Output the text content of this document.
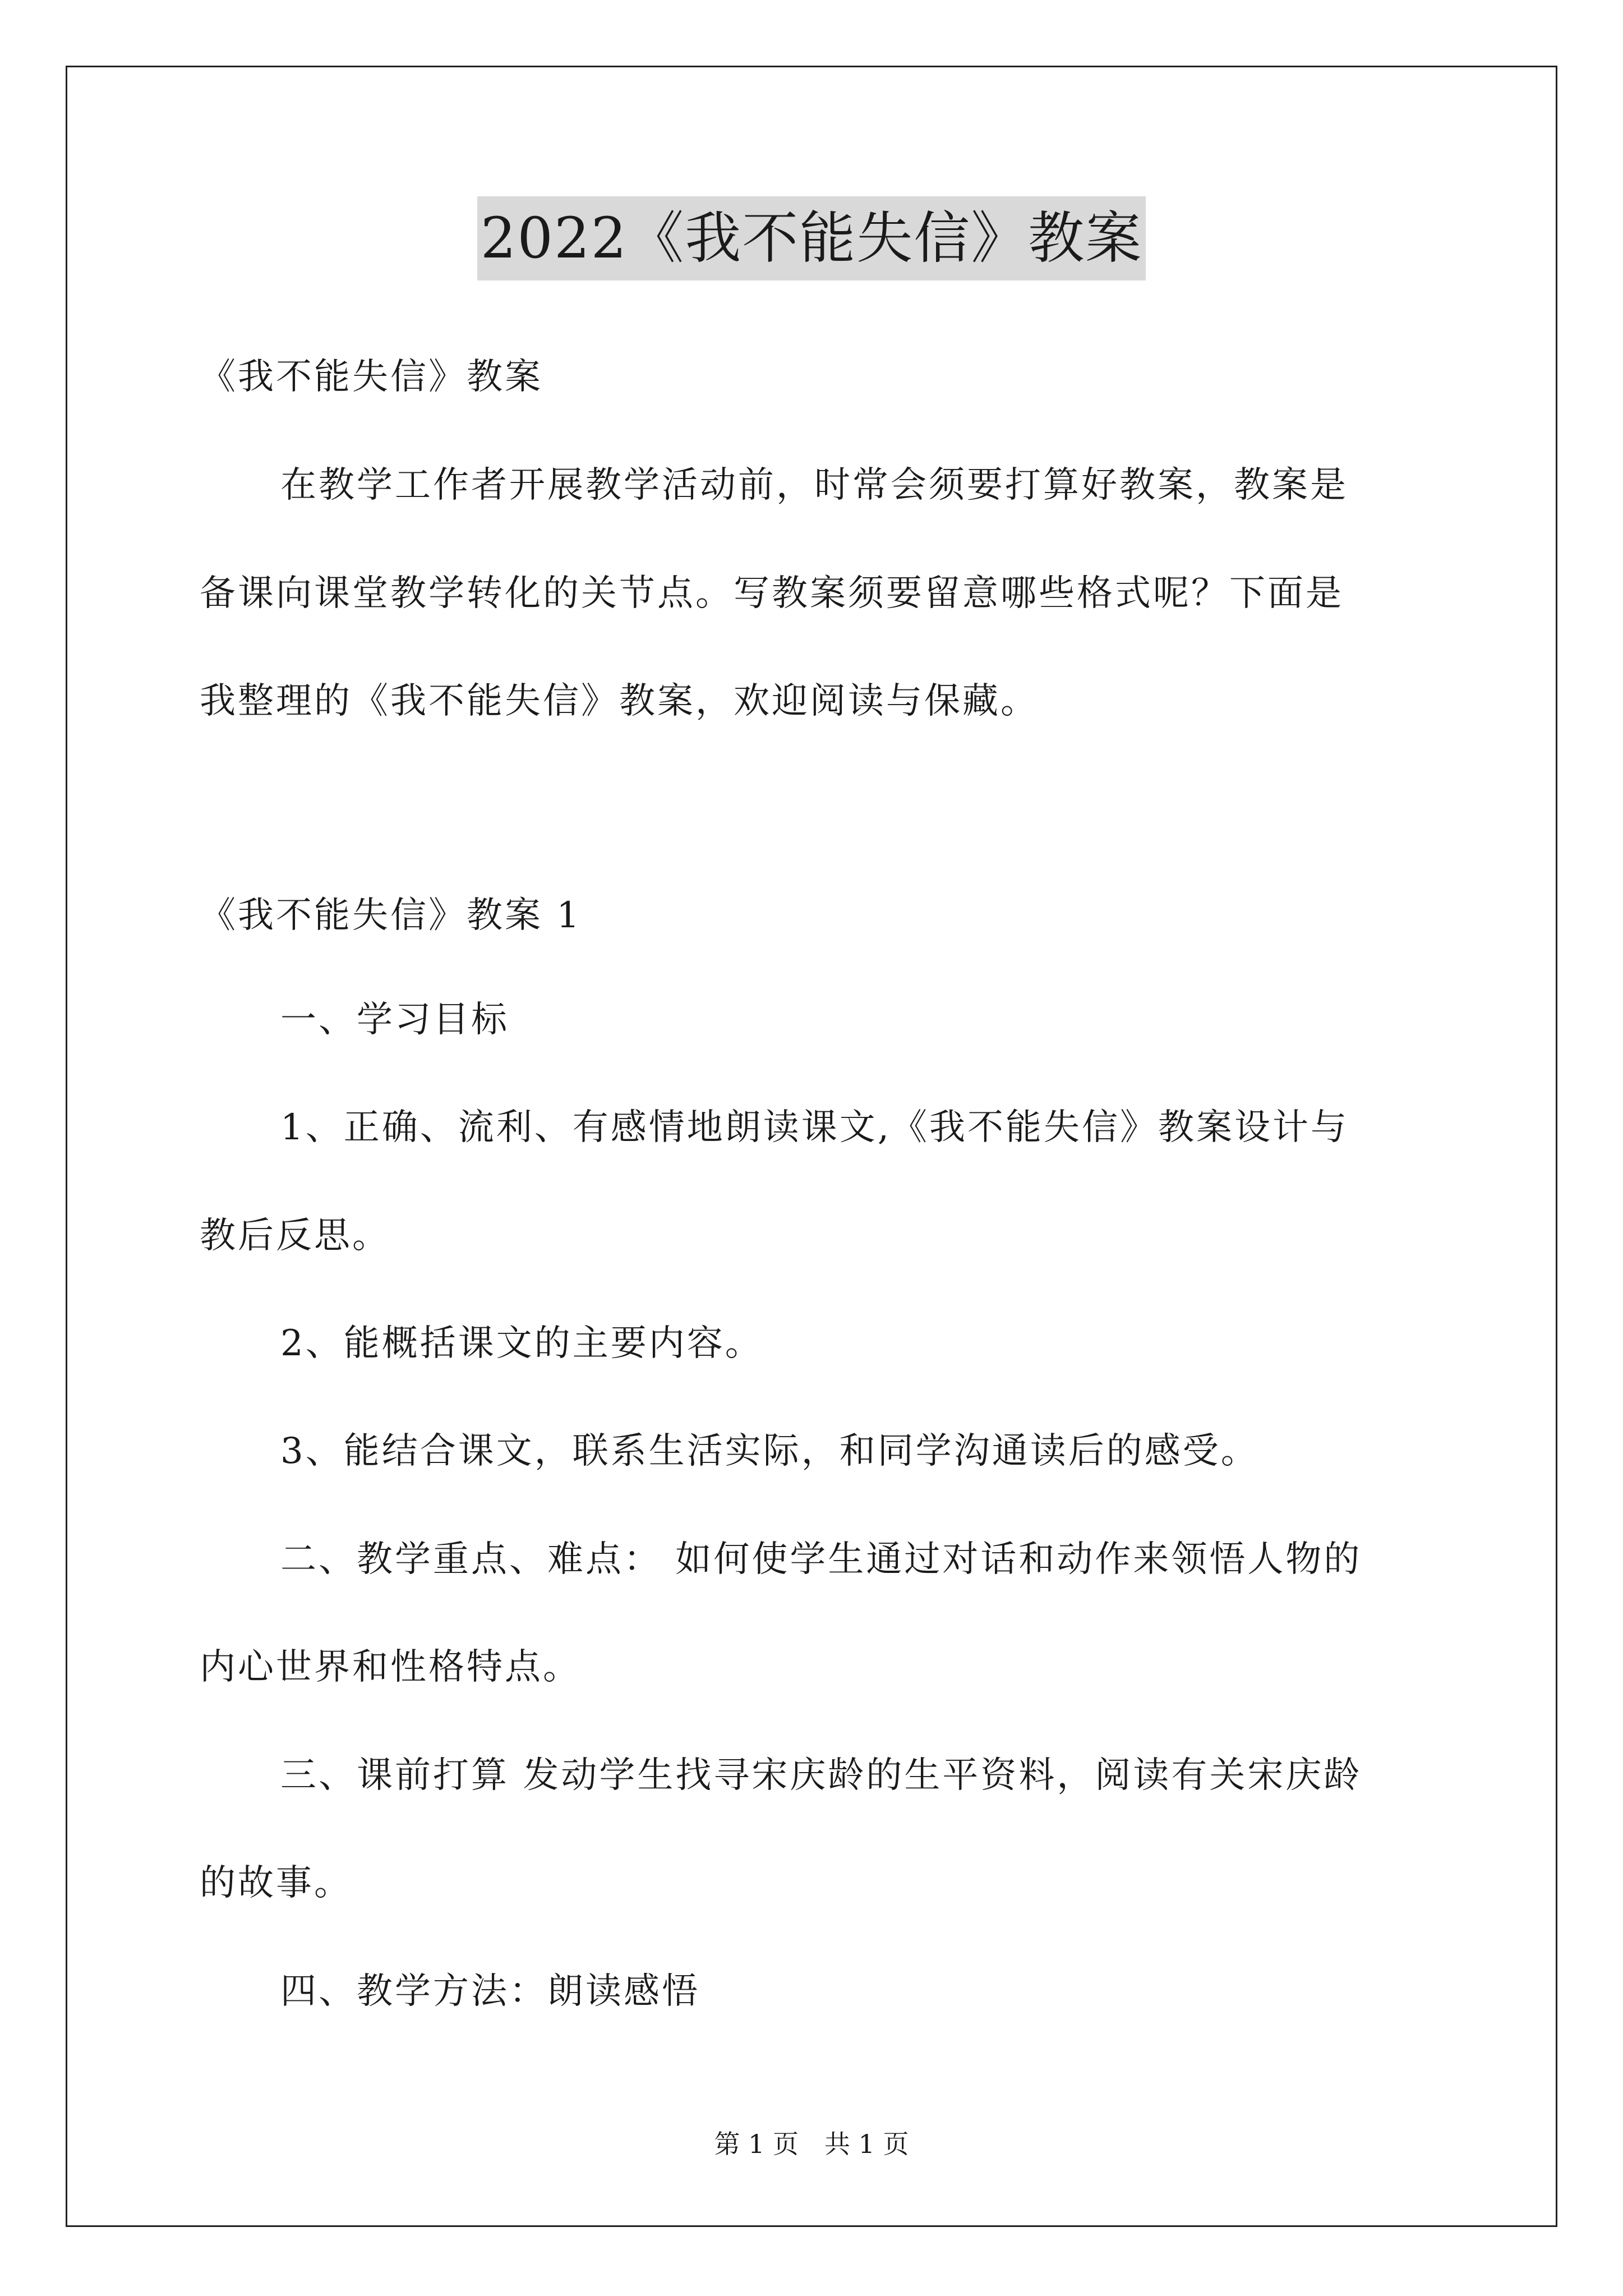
2022《我不能失信》教案
《我不能失信》教案
在教学工作者开展教学活动前，时常会须要打算好教案，教案是
备课向课堂教学转化的关节点。写教案须要留意哪些格式呢？下面是
我整理的《我不能失信》教案，欢迎阅读与保藏。
《我不能失信》教案 1
一、学习目标
1、正确、流利、有感情地朗读课文,《我不能失信》教案设计与
教后反思。
2、能概括课文的主要内容。
3、能结合课文，联系生活实际，和同学沟通读后的感受。
二、教学重点、难点： 如何使学生通过对话和动作来领悟人物的
内心世界和性格特点。
三、课前打算 发动学生找寻宋庆龄的生平资料，阅读有关宋庆龄
的故事。
四、教学方法：朗读感悟
第 1 页　共 1 页
